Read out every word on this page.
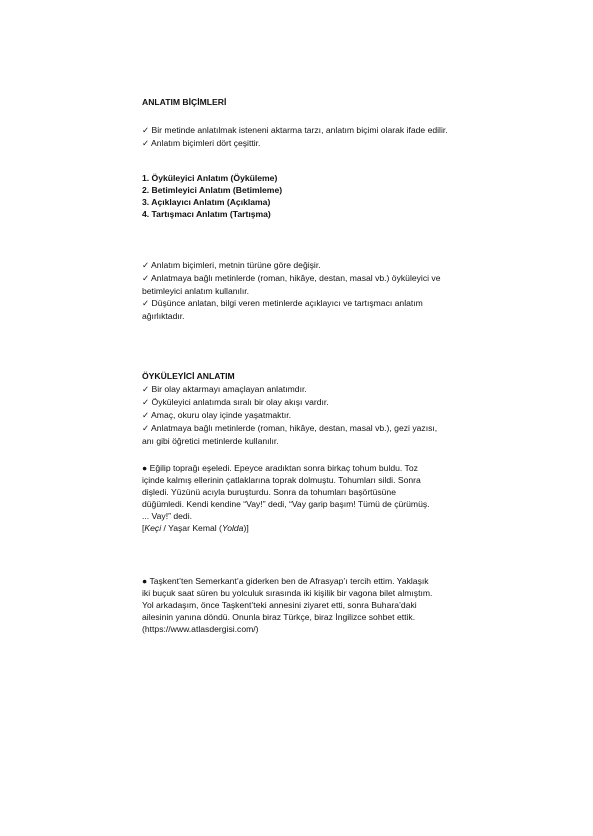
ANLATIM BİÇİMLERİ

✓ Bir metinde anlatılmak isteneni aktarma tarzı, anlatım biçimi olarak ifade edilir.

✓ Anlatım biçimleri dört çeşittir.

1. Öyküleyici Anlatım (Öyküleme)

2. Betimleyici Anlatım (Betimleme)

3. Açıklayıcı Anlatım (Açıklama)

4. Tartışmacı Anlatım (Tartışma)

✓ Anlatım biçimleri, metnin türüne göre değişir.

✓ Anlatmaya bağlı metinlerde (roman, hikâye, destan, masal vb.) öyküleyici ve betimleyici anlatım kullanılır.

✓ Düşünce anlatan, bilgi veren metinlerde açıklayıcı ve tartışmacı anlatım ağırlıktadır.

ÖYKÜLEYİCİ ANLATIM

✓ Bir olay aktarmayı amaçlayan anlatımdır.

✓ Öyküleyici anlatımda sıralı bir olay akışı vardır.

✓ Amaç, okuru olay içinde yaşatmaktır.

✓ Anlatmaya bağlı metinlerde (roman, hikâye, destan, masal vb.), gezi yazısı, anı gibi öğretici metinlerde kullanılır.

● Eğilip toprağı eşeledi. Epeyce aradıktan sonra birkaç tohum buldu. Toz içinde kalmış ellerinin çatlaklarına toprak dolmuştu. Tohumları sildi. Sonra dişledi. Yüzünü acıyla buruşturdu. Sonra da tohumları başörtüsüne düğümledi. Kendi kendine “Vay!” dedi, “Vay garip başım! Tümü de çürümüş. ... Vay!” dedi.

[Keçi / Yaşar Kemal (Yolda)]

● Taşkent’ten Semerkant’a giderken ben de Afrasyap’ı tercih ettim. Yaklaşık iki buçuk saat süren bu yolculuk sırasında iki kişilik bir vagona bilet almıştım. Yol arkadaşım, önce Taşkent’teki annesini ziyaret etti, sonra Buhara’daki ailesinin yanına döndü. Onunla biraz Türkçe, biraz İngilizce sohbet ettik.

(https://www.atlasdergisi.com/)
